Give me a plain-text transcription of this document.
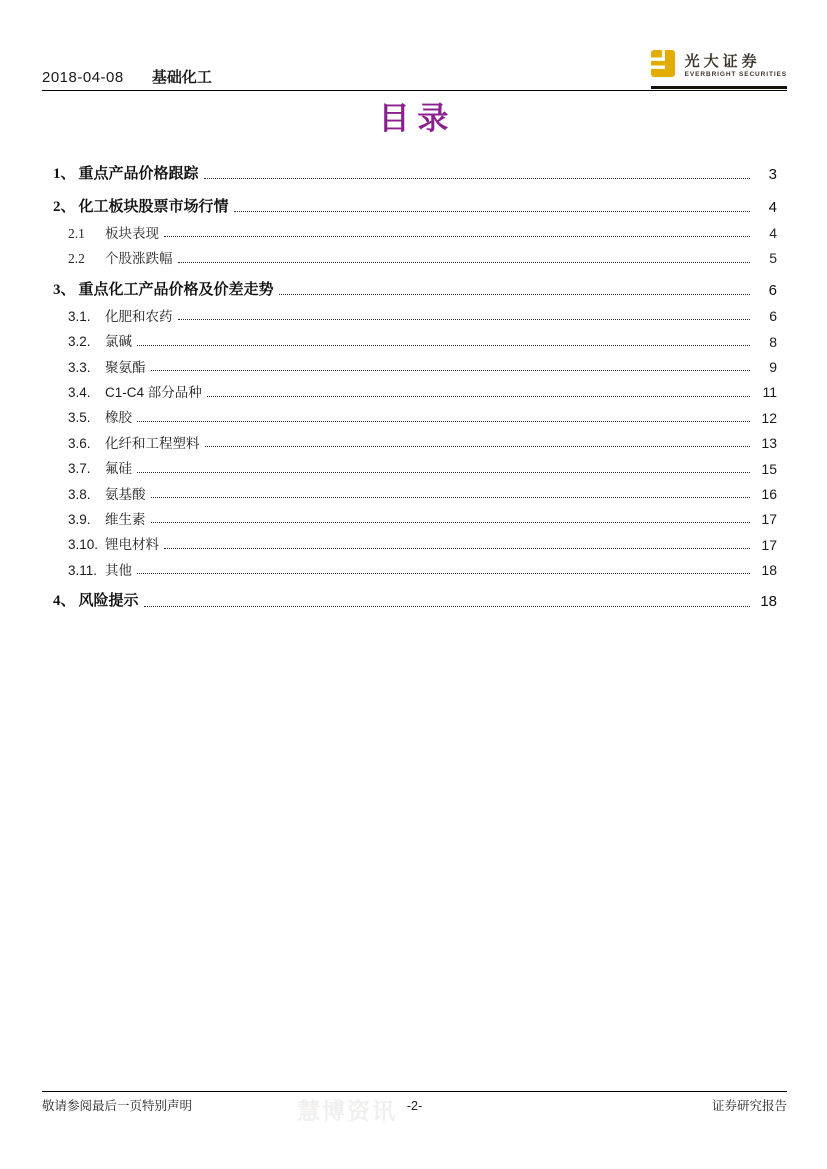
2018-04-08 基础化工
光大证券
EVERBRIGHT SECURITIES
目 录
1、 重点产品价格跟踪	3
2、 化工板块股票市场行情	4
2.1	板块表现	4
2.2	个股涨跌幅	5
3、 重点化工产品价格及价差走势	6
3.1.	化肥和农药	6
3.2.	氯碱	8
3.3.	聚氨酯	9
3.4.	C1-C4 部分品种	11
3.5.	橡胶	12
3.6.	化纤和工程塑料	13
3.7.	氟硅	15
3.8.	氨基酸	16
3.9.	维生素	17
3.10. 锂电材料	17
3.11. 其他	18
4、 风险提示	18
慧博资讯
敬请参阅最后一页特别声明	-2-	证券研究报告
